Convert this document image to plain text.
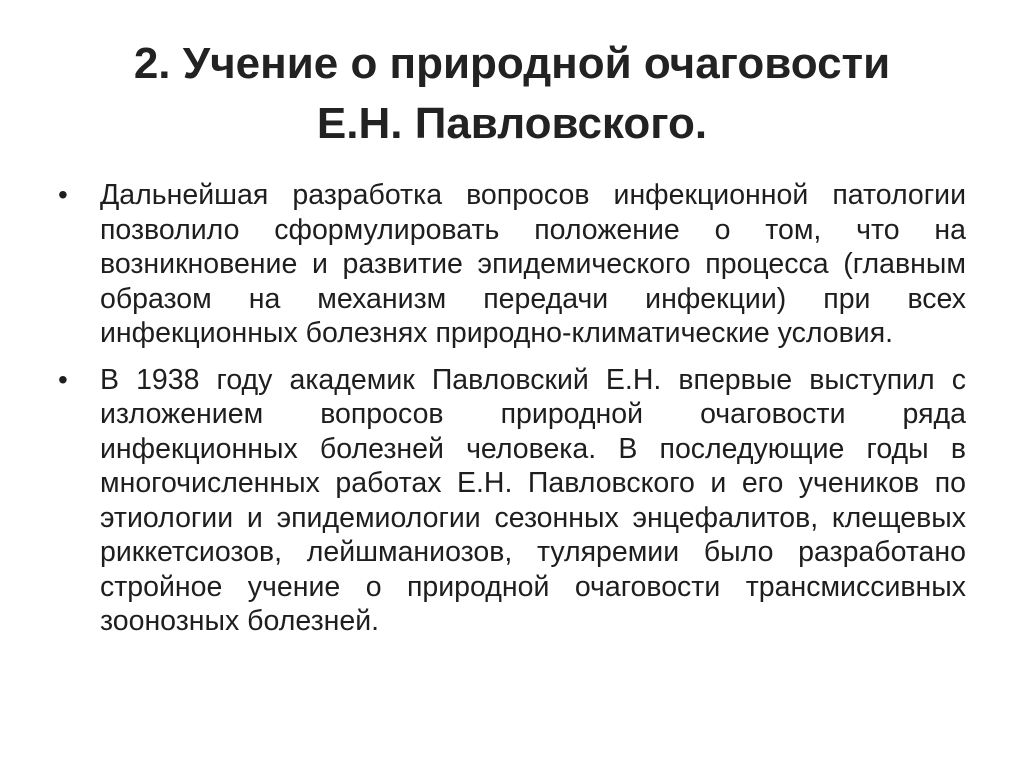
2. Учение о природной очаговости
Е.Н. Павловского.
•	Дальнейшая разработка вопросов инфекционной патологии позволило сформулировать положение о том, что на возникновение и развитие эпидемического процесса (главным образом на механизм передачи инфекции) при всех инфекционных болезнях природно-климатические условия.
•	В 1938 году академик Павловский Е.Н. впервые выступил с изложением вопросов природной очаговости ряда инфекционных болезней человека. В последующие годы в многочисленных работах Е.Н. Павловского и его учеников по этиологии и эпидемиологии сезонных энцефалитов, клещевых риккетсиозов, лейшманиозов, туляремии было разработано стройное учение о природной очаговости трансмиссивных зоонозных болезней.
